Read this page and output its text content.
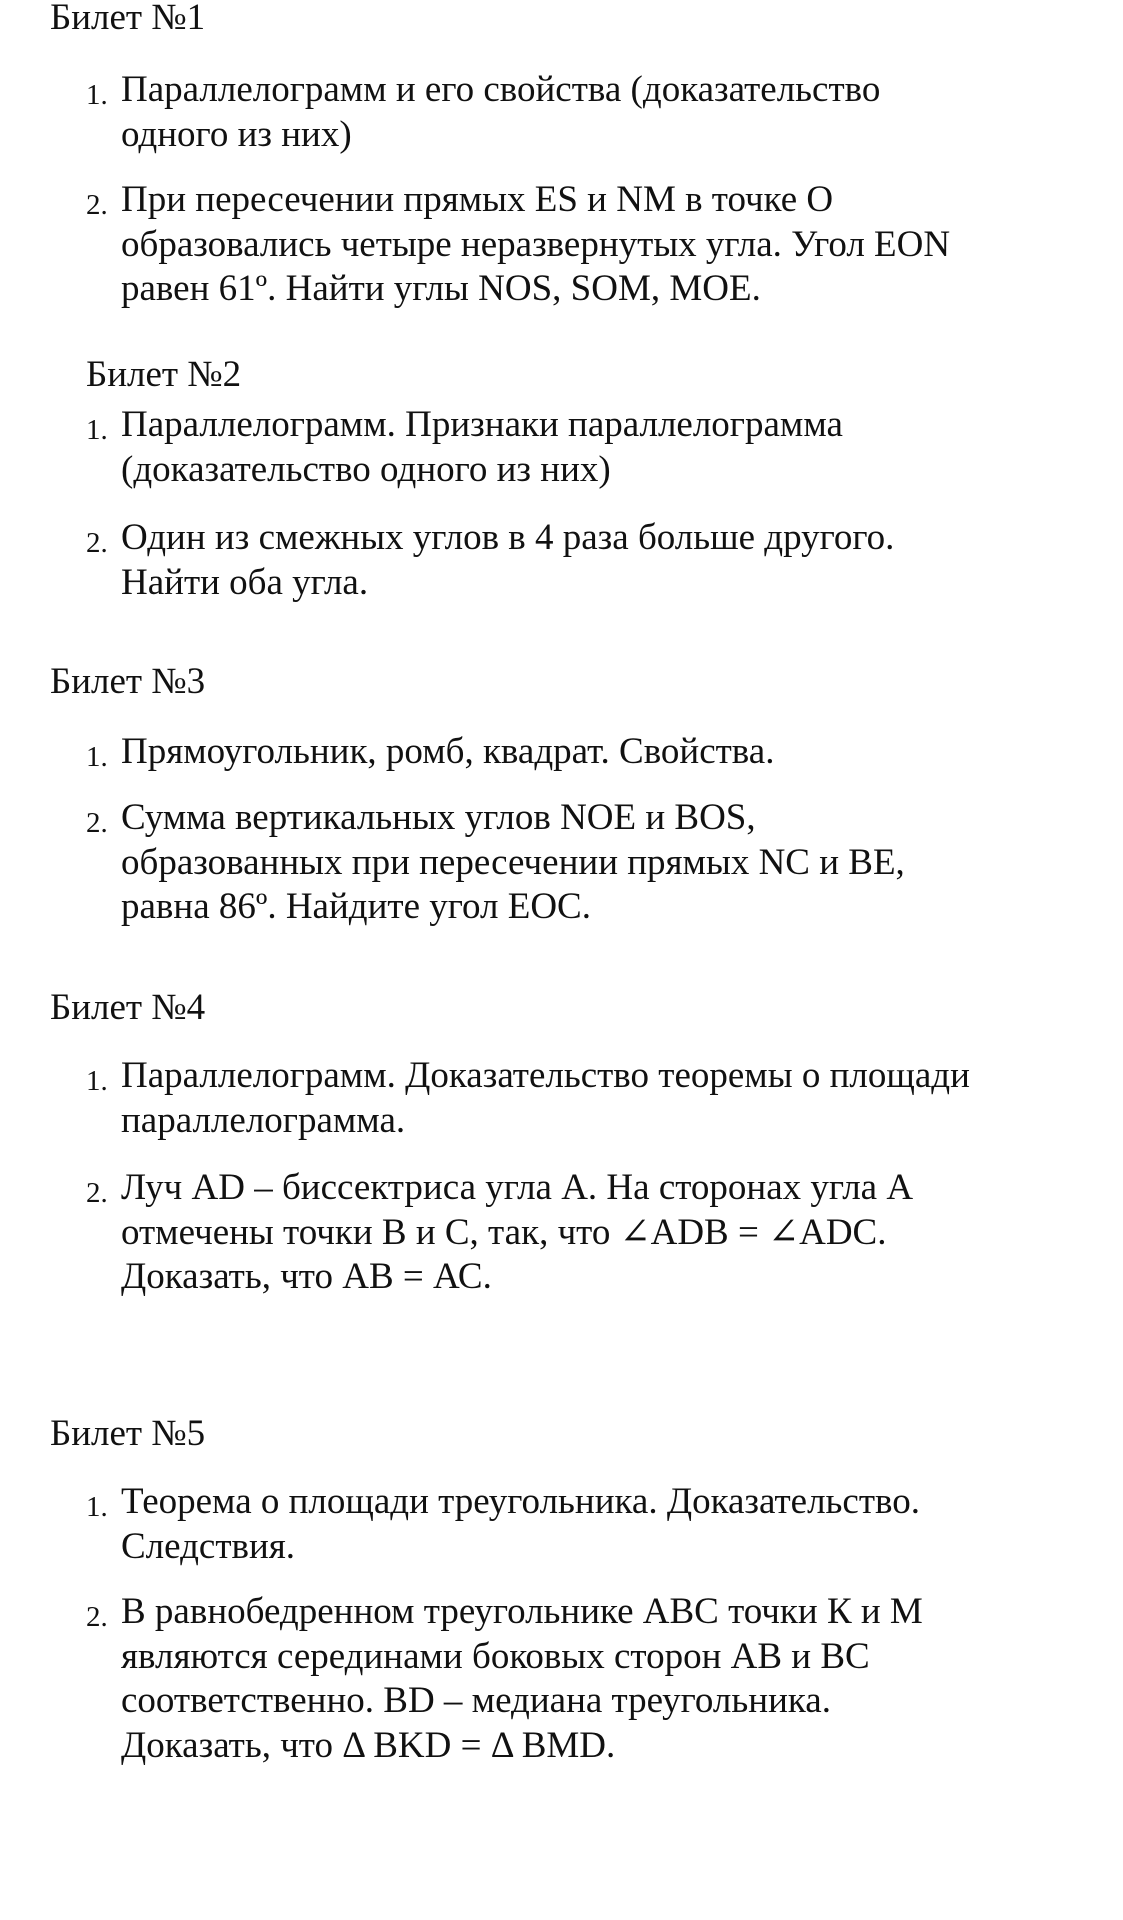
Билет №1
1. Параллелограмм и его свойства (доказательство
одного из них)
2. При пересечении прямых ES и NM в точке О
образовались четыре неразвернутых угла. Угол EON
равен 61º. Найти углы NOS, SOM, MOE.
Билет №2
1. Параллелограмм. Признаки параллелограмма
(доказательство одного из них)
2. Один из смежных углов в 4 раза больше другого.
Найти оба угла.
Билет №3
1. Прямоугольник, ромб, квадрат. Свойства.
2. Сумма вертикальных углов NOE и BOS,
образованных при пересечении прямых NC и BE,
равна 86º. Найдите угол EOC.
Билет №4
1. Параллелограмм. Доказательство теоремы о площади
параллелограмма.
2. Луч AD – биссектриса угла А. На сторонах угла А
отмечены точки В и С, так, что ∠ADB = ∠ADC.
Доказать, что АВ = АС.
Билет №5
1. Теорема о площади треугольника. Доказательство.
Следствия.
2. В равнобедренном треугольнике АВС точки К и М
являются серединами боковых сторон АВ и ВС
соответственно. BD – медиана треугольника.
Доказать, что Δ BKD = Δ BMD.
